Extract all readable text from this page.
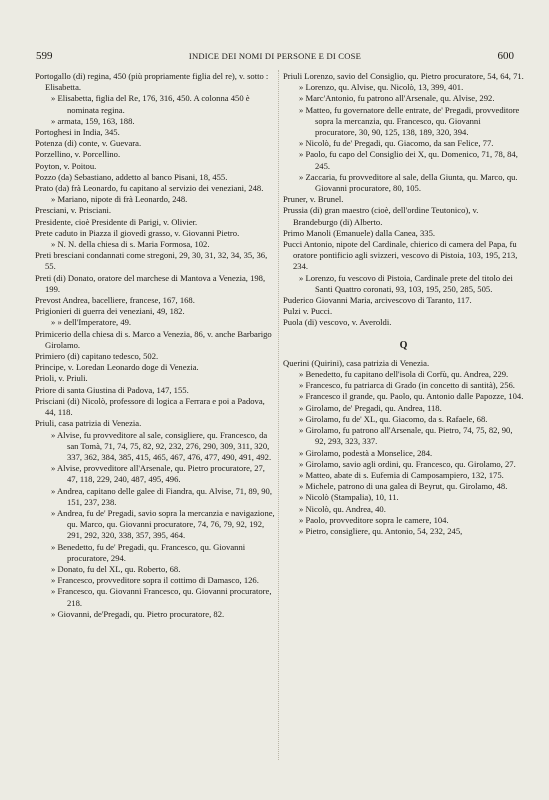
599	INDICE DEI NOMI DI PERSONE E DI COSE	600
Portogallo (di) regina, 450 (più propriamente figlia del re), v. sotto : Elisabetta.
» Elisabetta, figlia del Re, 176, 316, 450. A colonna 450 è nominata regina.
» armata, 159, 163, 188.
Portoghesi in India, 345.
Potenza (di) conte, v. Guevara.
Porzellino, v. Porcellino.
Poyton, v. Poitou.
Pozzo (da) Sebastiano, addetto al banco Pisani, 18, 455.
Prato (da) frà Leonardo, fu capitano al servizio dei veneziani, 248.
» Mariano, nipote di frà Leonardo, 248.
Presciani, v. Prisciani.
Presidente, cioè Presidente di Parigi, v. Olivier.
Prete caduto in Piazza il giovedì grasso, v. Giovanni Pietro.
» N. N. della chiesa di s. Maria Formosa, 102.
Preti bresciani condannati come stregoni, 29, 30, 31, 32, 34, 35, 36, 55.
Preti (di) Donato, oratore del marchese di Mantova a Venezia, 198, 199.
Prevost Andrea, bacelliere, francese, 167, 168.
Prigionieri di guerra dei veneziani, 49, 182.
» » dell'Imperatore, 49.
Primicerio della chiesa di s. Marco a Venezia, 86, v. anche Barbarigo Girolamo.
Primiero (di) capitano tedesco, 502.
Principe, v. Loredan Leonardo doge di Venezia.
Prioli, v. Priuli.
Priore di santa Giustina di Padova, 147, 155.
Prisciani (di) Nicolò, professore di logica a Ferrara e poi a Padova, 44, 118.
Priuli, casa patrizia di Venezia.
» Alvise, fu provveditore al sale, consigliere, qu. Francesco, da san Tomà, 71, 74, 75, 82, 92, 232, 276, 290, 309, 311, 320, 337, 362, 384, 385, 415, 465, 467, 476, 477, 490, 491, 492.
» Alvise, provveditore all'Arsenale, qu. Pietro procuratore, 27, 47, 118, 229, 240, 487, 495, 496.
» Andrea, capitano delle galee di Fiandra, qu. Alvise, 71, 89, 90, 151, 237, 238.
» Andrea, fu de' Pregadi, savio sopra la mercanzia e navigazione, qu. Marco, qu. Giovanni procuratore, 74, 76, 79, 92, 192, 291, 292, 320, 338, 357, 395, 464.
» Benedetto, fu de' Pregadi, qu. Francesco, qu. Giovanni procuratore, 294.
» Donato, fu del XL, qu. Roberto, 68.
» Francesco, provveditore sopra il cottimo di Damasco, 126.
» Francesco, qu. Giovanni Francesco, qu. Giovanni procuratore, 218.
» Giovanni, de'Pregadi, qu. Pietro procuratore, 82.
Priuli Lorenzo, savio del Consiglio, qu. Pietro procuratore, 54, 64, 71.
» Lorenzo, qu. Alvise, qu. Nicolò, 13, 399, 401.
» Marc'Antonio, fu patrono all'Arsenale, qu. Alvise, 292.
» Matteo, fu governatore delle entrate, de' Pregadi, provveditore sopra la mercanzia, qu. Francesco, qu. Giovanni procuratore, 30, 90, 125, 138, 189, 320, 394.
» Nicolò, fu de' Pregadi, qu. Giacomo, da san Felice, 77.
» Paolo, fu capo del Consiglio dei X, qu. Domenico, 71, 78, 84, 245.
» Zaccaria, fu provveditore al sale, della Giunta, qu. Marco, qu. Giovanni procuratore, 80, 105.
Pruner, v. Brunel.
Prussia (di) gran maestro (cioè, dell'ordine Teutonico), v. Brandeburgo (di) Alberto.
Primo Manoli (Emanuele) dalla Canea, 335.
Pucci Antonio, nipote del Cardinale, chierico di camera del Papa, fu oratore pontificio agli svizzeri, vescovo di Pistoia, 103, 195, 213, 234.
» Lorenzo, fu vescovo di Pistoia, Cardinale prete del titolo dei Santi Quattro coronati, 93, 103, 195, 250, 285, 505.
Puderico Giovanni Maria, arcivescovo di Taranto, 117.
Pulzi v. Pucci.
Puola (di) vescovo, v. Averoldi.
Q
Querini (Quirini), casa patrizia di Venezia.
» Benedetto, fu capitano dell'isola di Corfù, qu. Andrea, 229.
» Francesco, fu patriarca di Grado (in concetto di santità), 256.
» Francesco il grande, qu. Paolo, qu. Antonio dalle Papozze, 104.
» Girolamo, de' Pregadi, qu. Andrea, 118.
» Girolamo, fu de' XL, qu. Giacomo, da s. Rafaele, 68.
» Girolamo, fu patrono all'Arsenale, qu. Pietro, 74, 75, 82, 90, 92, 293, 323, 337.
» Girolamo, podestà a Monselice, 284.
» Girolamo, savio agli ordini, qu. Francesco, qu. Girolamo, 27.
» Matteo, abate di s. Eufemia di Camposampiero, 132, 175.
» Michele, patrono di una galea di Beyrut, qu. Girolamo, 48.
» Nicolò (Stampalia), 10, 11.
» Nicolò, qu. Andrea, 40.
» Paolo, provveditore sopra le camere, 104.
» Pietro, consigliere, qu. Antonio, 54, 232, 245,
